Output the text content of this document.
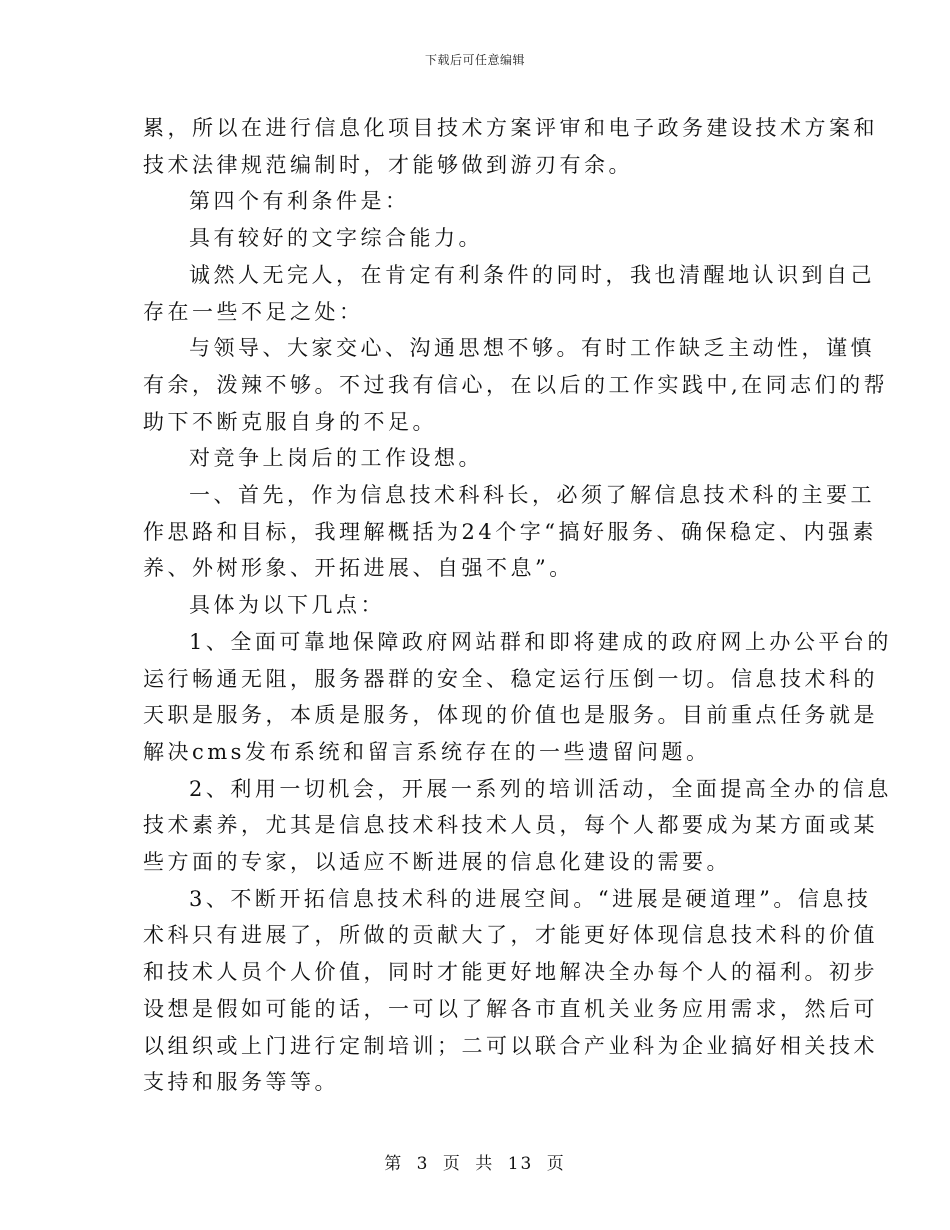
下载后可任意编辑

累，所以在进行信息化项目技术方案评审和电子政务建设技术方案和
技术法律规范编制时，才能够做到游刃有余。

第四个有利条件是：

具有较好的文字综合能力。

诚然人无完人，在肯定有利条件的同时，我也清醒地认识到自己
存在一些不足之处：

与领导、大家交心、沟通思想不够。有时工作缺乏主动性，谨慎
有余，泼辣不够。不过我有信心，在以后的工作实践中,在同志们的帮
助下不断克服自身的不足。

对竞争上岗后的工作设想。

一、首先，作为信息技术科科长，必须了解信息技术科的主要工
作思路和目标，我理解概括为24个字“搞好服务、确保稳定、内强素
养、外树形象、开拓进展、自强不息”。

具体为以下几点：

1、全面可靠地保障政府网站群和即将建成的政府网上办公平台的
运行畅通无阻，服务器群的安全、稳定运行压倒一切。信息技术科的
天职是服务，本质是服务，体现的价值也是服务。目前重点任务就是
解决cms发布系统和留言系统存在的一些遗留问题。

2、利用一切机会，开展一系列的培训活动，全面提高全办的信息
技术素养，尤其是信息技术科技术人员，每个人都要成为某方面或某
些方面的专家，以适应不断进展的信息化建设的需要。

3、不断开拓信息技术科的进展空间。“进展是硬道理”。信息技
术科只有进展了，所做的贡献大了，才能更好体现信息技术科的价值
和技术人员个人价值，同时才能更好地解决全办每个人的福利。初步
设想是假如可能的话，一可以了解各市直机关业务应用需求，然后可
以组织或上门进行定制培训；二可以联合产业科为企业搞好相关技术
支持和服务等等。

第 3 页 共 13 页
